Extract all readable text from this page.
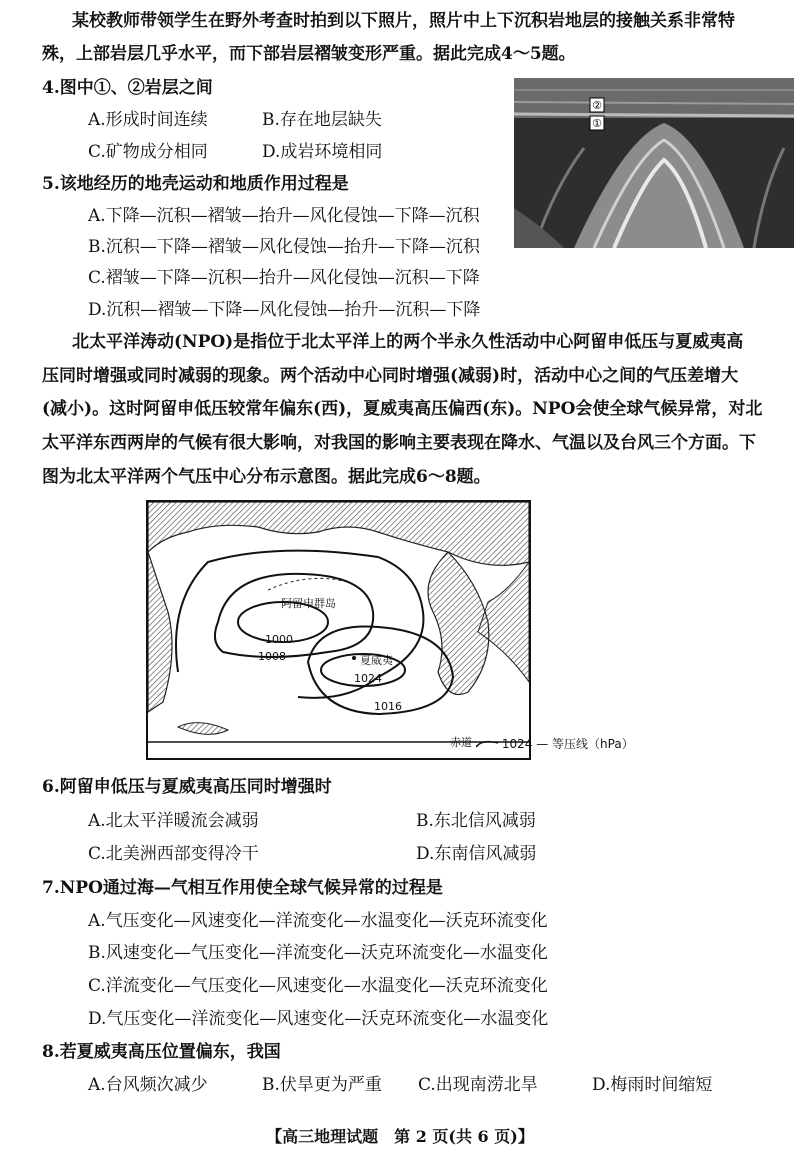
某校教师带领学生在野外考查时拍到以下照片，照片中上下沉积岩地层的接触关系非常特
殊，上部岩层几乎水平，而下部岩层褶皱变形严重。据此完成4～5题。
②
①
4.图中①、②岩层之间
A.形成时间连续	B.存在地层缺失
C.矿物成分相同	D.成岩环境相同
5.该地经历的地壳运动和地质作用过程是
A.下降—沉积—褶皱—抬升—风化侵蚀—下降—沉积
B.沉积—下降—褶皱—风化侵蚀—抬升—下降—沉积
C.褶皱—下降—沉积—抬升—风化侵蚀—沉积—下降
D.沉积—褶皱—下降—风化侵蚀—抬升—沉积—下降
北太平洋涛动(NPO)是指位于北太平洋上的两个半永久性活动中心阿留申低压与夏威夷高
压同时增强或同时减弱的现象。两个活动中心同时增强(减弱)时，活动中心之间的气压差增大
(减小)。这时阿留申低压较常年偏东(西)，夏威夷高压偏西(东)。NPO会使全球气候异常，对北
太平洋东西两岸的气候有很大影响，对我国的影响主要表现在降水、气温以及台风三个方面。下
图为北太平洋两个气压中心分布示意图。据此完成6～8题。
阿留申群岛
1000
1008	夏威夷
1024
1016
赤道	1024 — 等压线（hPa）
6.阿留申低压与夏威夷高压同时增强时
A.北太平洋暖流会减弱	B.东北信风减弱
C.北美洲西部变得冷干	D.东南信风减弱
7.NPO通过海—气相互作用使全球气候异常的过程是
A.气压变化—风速变化—洋流变化—水温变化—沃克环流变化
B.风速变化—气压变化—洋流变化—沃克环流变化—水温变化
C.洋流变化—气压变化—风速变化—水温变化—沃克环流变化
D.气压变化—洋流变化—风速变化—沃克环流变化—水温变化
8.若夏威夷高压位置偏东，我国
A.台风频次减少	B.伏旱更为严重 C.出现南涝北旱	D.梅雨时间缩短
【高三地理试题　第 2 页(共 6 页)】
